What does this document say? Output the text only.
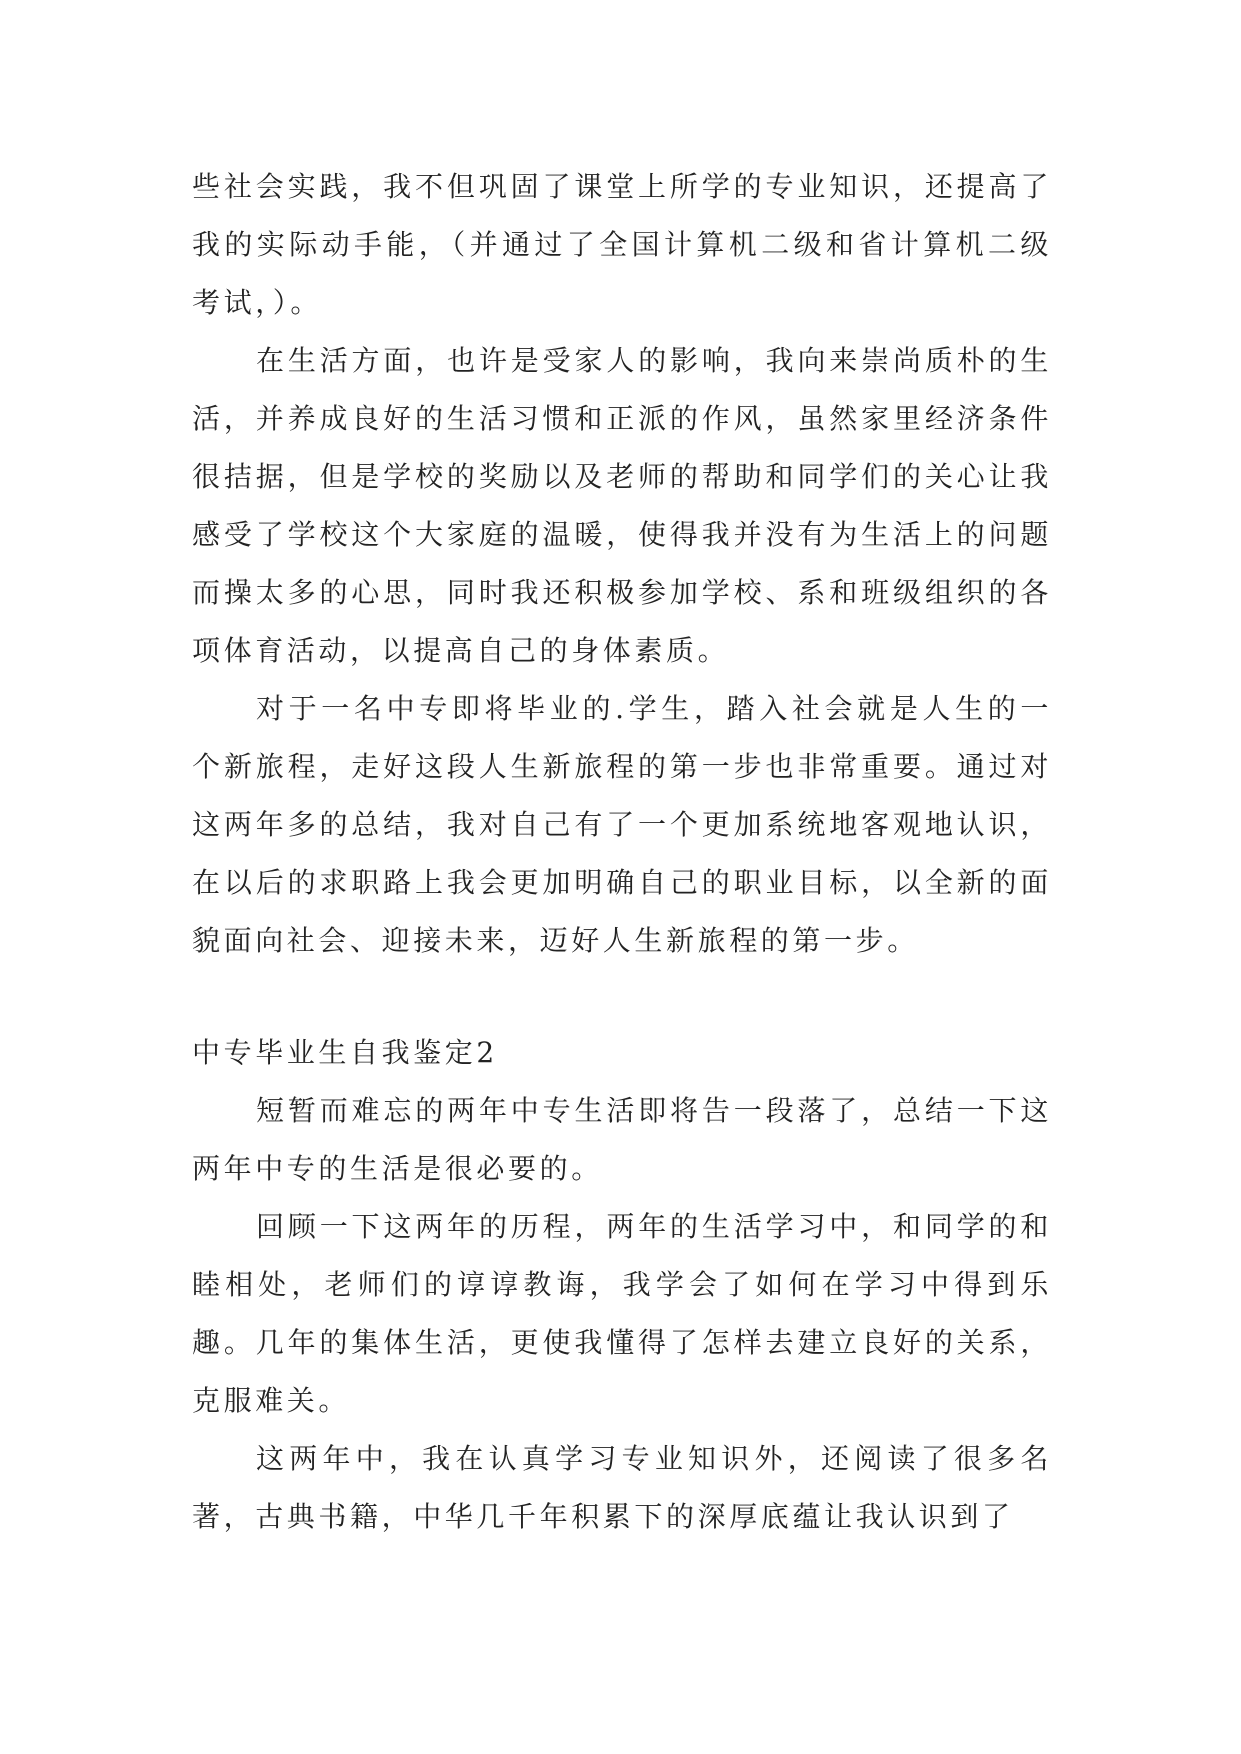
些社会实践，我不但巩固了课堂上所学的专业知识，还提高了我的实际动手能，（并通过了全国计算机二级和省计算机二级考试，）。

在生活方面，也许是受家人的影响，我向来崇尚质朴的生活，并养成良好的生活习惯和正派的作风，虽然家里经济条件很拮据，但是学校的奖励以及老师的帮助和同学们的关心让我感受了学校这个大家庭的温暖，使得我并没有为生活上的问题而操太多的心思，同时我还积极参加学校、系和班级组织的各项体育活动，以提高自己的身体素质。

对于一名中专即将毕业的.学生，踏入社会就是人生的一个新旅程，走好这段人生新旅程的第一步也非常重要。通过对这两年多的总结，我对自己有了一个更加系统地客观地认识，在以后的求职路上我会更加明确自己的职业目标，以全新的面貌面向社会、迎接未来，迈好人生新旅程的第一步。

中专毕业生自我鉴定2

短暂而难忘的两年中专生活即将告一段落了，总结一下这两年中专的生活是很必要的。

回顾一下这两年的历程，两年的生活学习中，和同学的和睦相处，老师们的谆谆教诲，我学会了如何在学习中得到乐趣。几年的集体生活，更使我懂得了怎样去建立良好的关系，克服难关。

这两年中，我在认真学习专业知识外，还阅读了很多名著，古典书籍，中华几千年积累下的深厚底蕴让我认识到了
